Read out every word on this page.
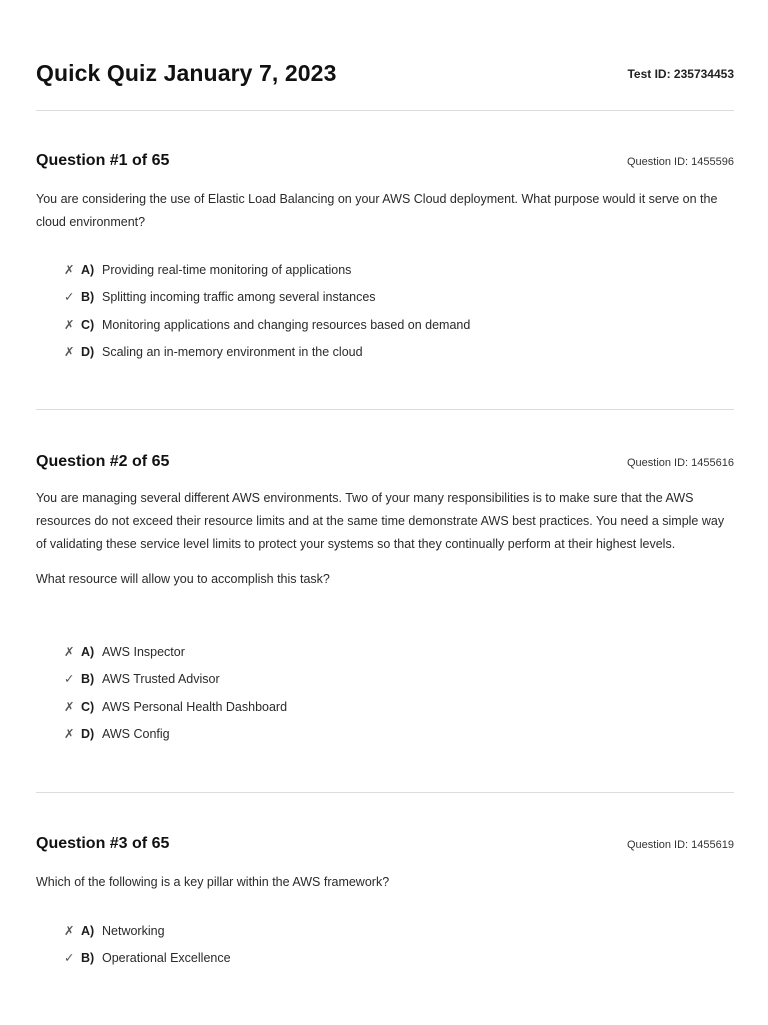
Quick Quiz January 7, 2023	Test ID: 235734453
Question #1 of 65	Question ID: 1455596

You are considering the use of Elastic Load Balancing on your AWS Cloud deployment. What purpose would it serve on the cloud environment?

✗ A) Providing real-time monitoring of applications
✓ B) Splitting incoming traffic among several instances
✗ C) Monitoring applications and changing resources based on demand
✗ D) Scaling an in-memory environment in the cloud
Question #2 of 65	Question ID: 1455616

You are managing several different AWS environments. Two of your many responsibilities is to make sure that the AWS resources do not exceed their resource limits and at the same time demonstrate AWS best practices. You need a simple way of validating these service level limits to protect your systems so that they continually perform at their highest levels.

What resource will allow you to accomplish this task?

✗ A) AWS Inspector
✓ B) AWS Trusted Advisor
✗ C) AWS Personal Health Dashboard
✗ D) AWS Config
Question #3 of 65	Question ID: 1455619

Which of the following is a key pillar within the AWS framework?

✗ A) Networking
✓ B) Operational Excellence
